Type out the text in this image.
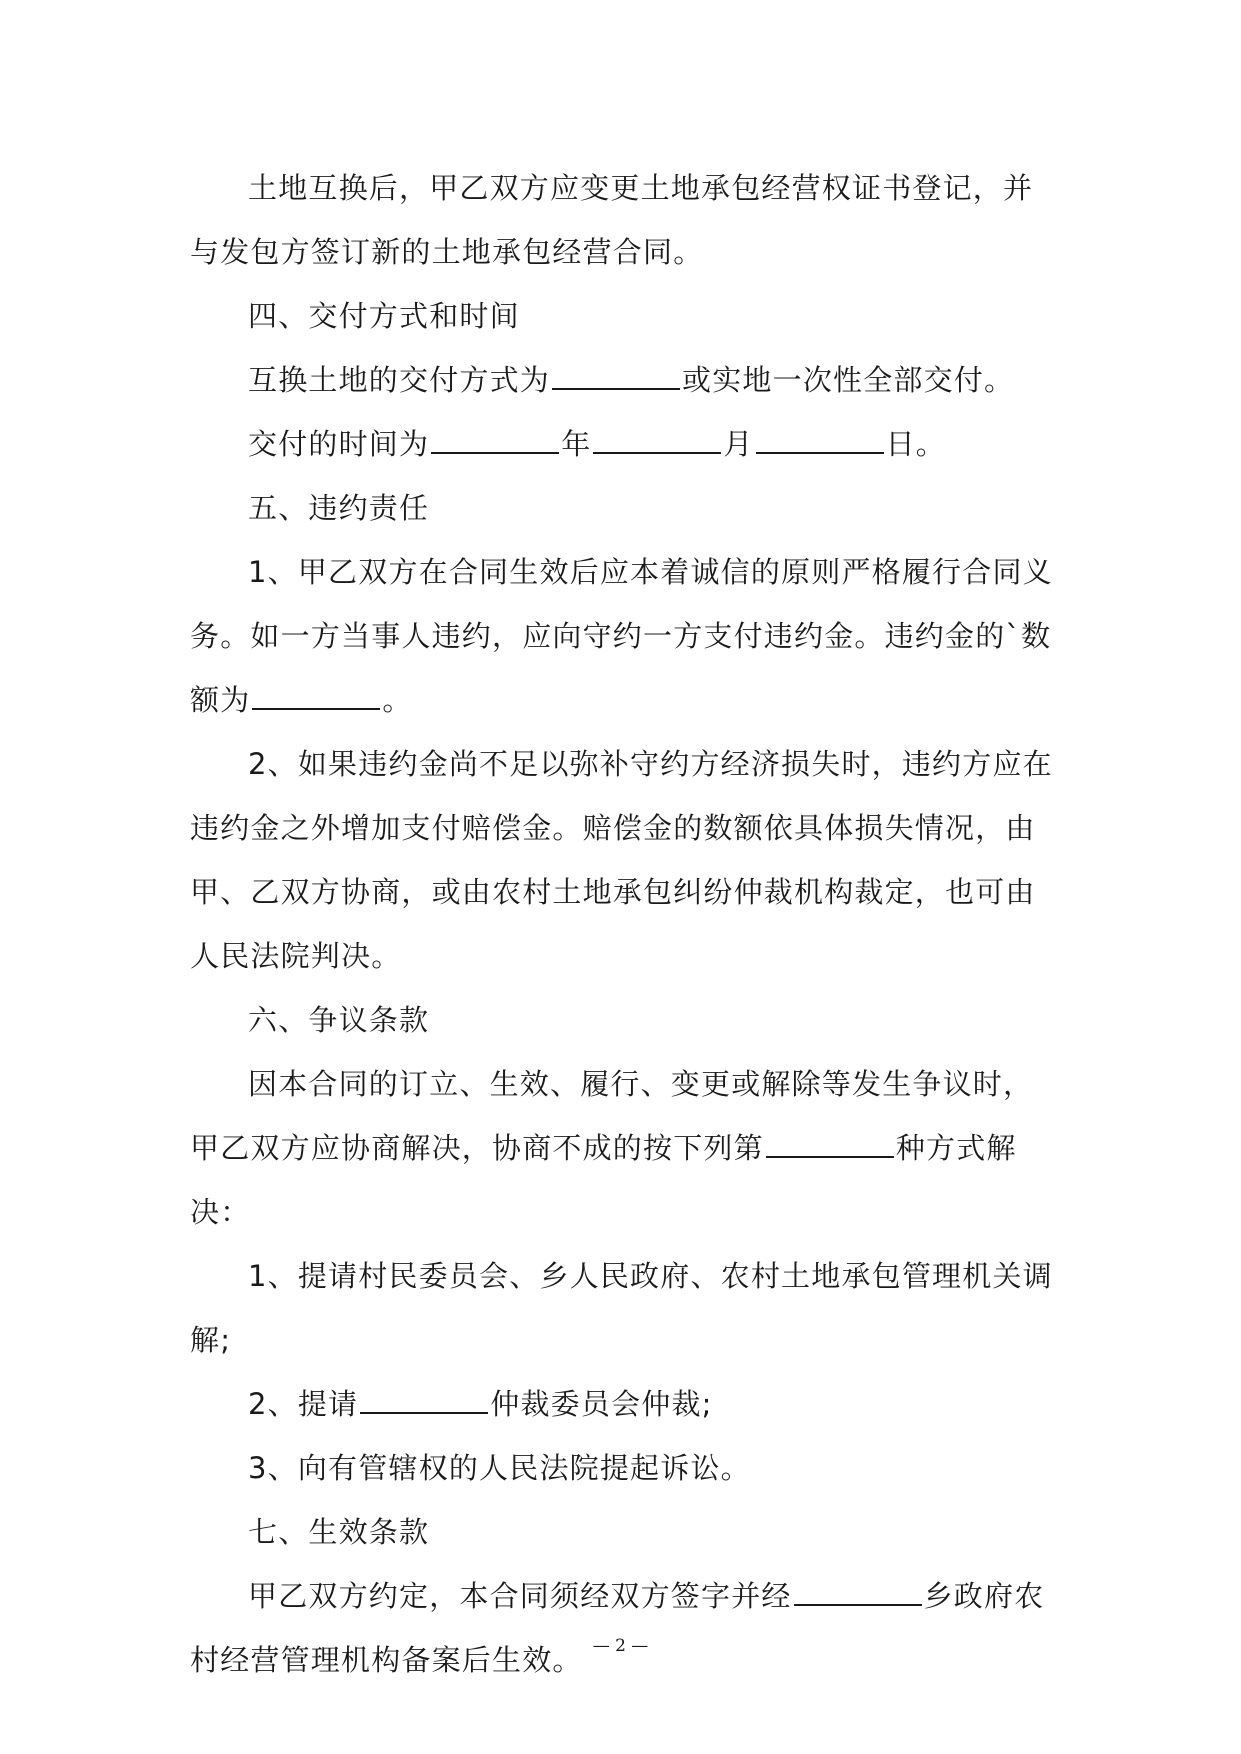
土地互换后，甲乙双方应变更土地承包经营权证书登记，并与发包方签订新的土地承包经营合同。

四、交付方式和时间

互换土地的交付方式为	或实地一次性全部交付。

交付的时间为	年	月	日。

五、违约责任

1、甲乙双方在合同生效后应本着诚信的原则严格履行合同义务。如一方当事人违约，应向守约一方支付违约金。违约金的`数额为	。

2、如果违约金尚不足以弥补守约方经济损失时，违约方应在违约金之外增加支付赔偿金。赔偿金的数额依具体损失情况，由甲、乙双方协商，或由农村土地承包纠纷仲裁机构裁定，也可由人民法院判决。

六、争议条款

因本合同的订立、生效、履行、变更或解除等发生争议时，甲乙双方应协商解决，协商不成的按下列第	种方式解决：

1、提请村民委员会、乡人民政府、农村土地承包管理机关调解;

2、提请	仲裁委员会仲裁;

3、向有管辖权的人民法院提起诉讼。

七、生效条款

甲乙双方约定，本合同须经双方签字并经	乡政府农村经营管理机构备案后生效。 — 2 —
